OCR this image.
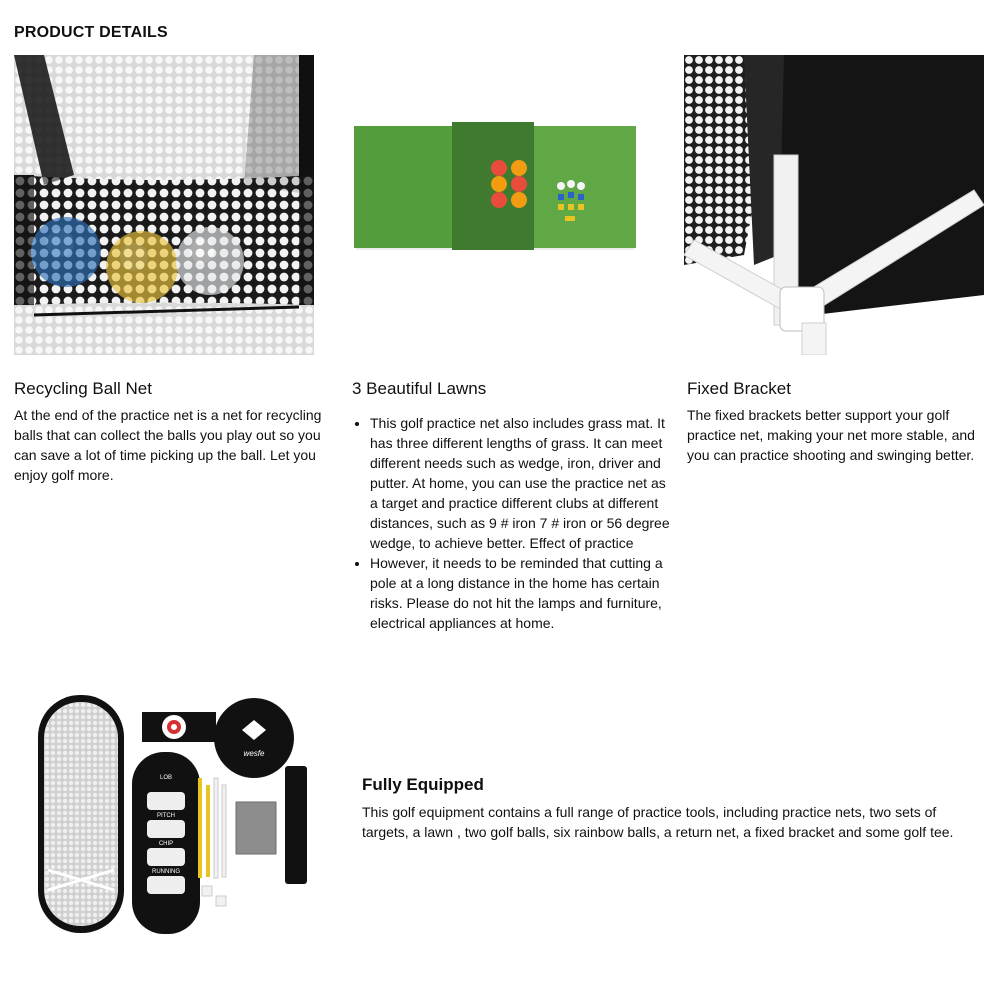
PRODUCT DETAILS
Recycling Ball Net

At the end of the practice net is a net for recycling balls that can collect the balls you play out so you can save a lot of time picking up the ball. Let you enjoy golf more.

3 Beautiful Lawns
• This golf practice net also includes grass mat. It has three different lengths of grass. It can meet different needs such as wedge, iron, driver and putter. At home, you can use the practice net as a target and practice different clubs at different distances, such as 9 # iron 7 # iron or 56 degree wedge, to achieve better. Effect of practice
• However, it needs to be reminded that cutting a pole at a long distance in the home has certain risks. Please do not hit the lamps and furniture, electrical appliances at home.
Fixed Bracket

The fixed brackets better support your golf practice net, making your net more stable, and you can practice shooting and swinging better.

LOB
PITCH
CHIP
RUNNING
wesfe
Fully Equipped

This golf equipment contains a full range of practice tools, including practice nets, two sets of targets, a lawn , two golf balls, six rainbow balls, a return net, a fixed bracket and some golf tee.
